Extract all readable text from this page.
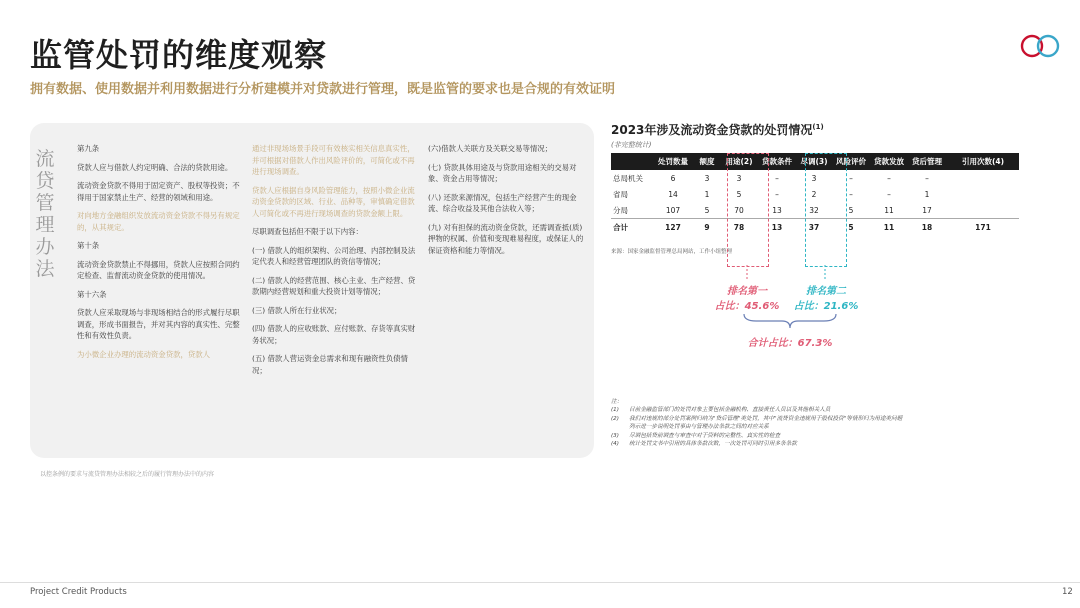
监管处罚的维度观察
拥有数据、使用数据并利用数据进行分析建模并对贷款进行管理，既是监管的要求也是合规的有效证明
流贷管理办法

第九条

贷款人应与借款人约定明确、合法的贷款用途。

流动资金贷款不得用于固定资产、股权等投资；不得用于国家禁止生产、经营的领域和用途。

对向地方金融组织发放流动资金贷款不得另有规定的，从其规定。

第十条

流动资金贷款禁止不得挪用，贷款人应按照合同约定检查、监督流动资金贷款的使用情况。

第十六条

贷款人应采取现场与非现场相结合的形式履行尽职调查，形成书面报告，并对其内容的真实性、完整性和有效性负责。

为小微企业办理的流动资金贷款，贷款人

通过非现场场景手段可有效核实相关信息真实性，并可根据对借款人作出风险评价的，可简化或不再进行现场调查。

贷款人应根据自身风险管理能力，按照小微企业流动资金贷款的区域、行业、品种等，审慎确定借款人可简化或不再进行现场调查的贷款金额上限。

尽职调查包括但不限于以下内容：

(一) 借款人的组织架构、公司治理、内部控制及法定代表人和经营管理团队的资信等情况；

(二) 借款人的经营范围、核心主业、生产经营、贷款期内经营规划和重大投资计划等情况；

(三) 借款人所在行业状况；

(四) 借款人的应收账款、应付账款、存货等真实财务状况；

(五) 借款人营运资金总需求和现有融资性负债情况；

(六)借款人关联方及关联交易等情况；

(七) 贷款具体用途及与贷款用途相关的交易对象、资金占用等情况；

(八) 还款来源情况，包括生产经营产生的现金流、综合收益及其他合法收入等；

(九) 对有担保的流动资金贷款，还需调查抵(质)押物的权属、价值和变现难易程度，或保证人的保证资格和能力等情况。

以控条例的要求与流贷管理办法相较之后的履行管理办法中的内容
2023年涉及流动资金贷款的处罚情况$^{(1)}$
(非完整统计)
	处罚数量	额度	用途(2)	贷款条件	尽调(3)	风险评价	贷款发放	贷后管理	引用次数(4)
总局机关	6	3	3	–	3	–	–	–	
省局	14	1	5	–	2	–	–	1	
分局	107	5	70	13	32	5	11	17	
合计	127	9	78	13	37	5	11	18	171
来源：国家金融监督管理总局网站，工作小组整理
排名第一
占比：45.6%
排名第二
占比：21.6%
合计占比：67.3%
注：
(1)	目前金融监管部门的处罚对象主要包括金融机构、直接责任人员以及其他相关人员
(2)	我们对违规的部分处罚案例归纳为"贷后管理"类处罚，其中"流贷资金违规用于股权投资"等情形归为用途类问题
列示进一步说明处罚事由与管理办法条款之间的对应关系
(3)	尽调包括贷前调查与审查中对于资料的完整性、真实性的检查
(4)	统计处罚文书中引用的具体条款次数，一次处罚可同时引用多条条款
Project Credit Products	12
